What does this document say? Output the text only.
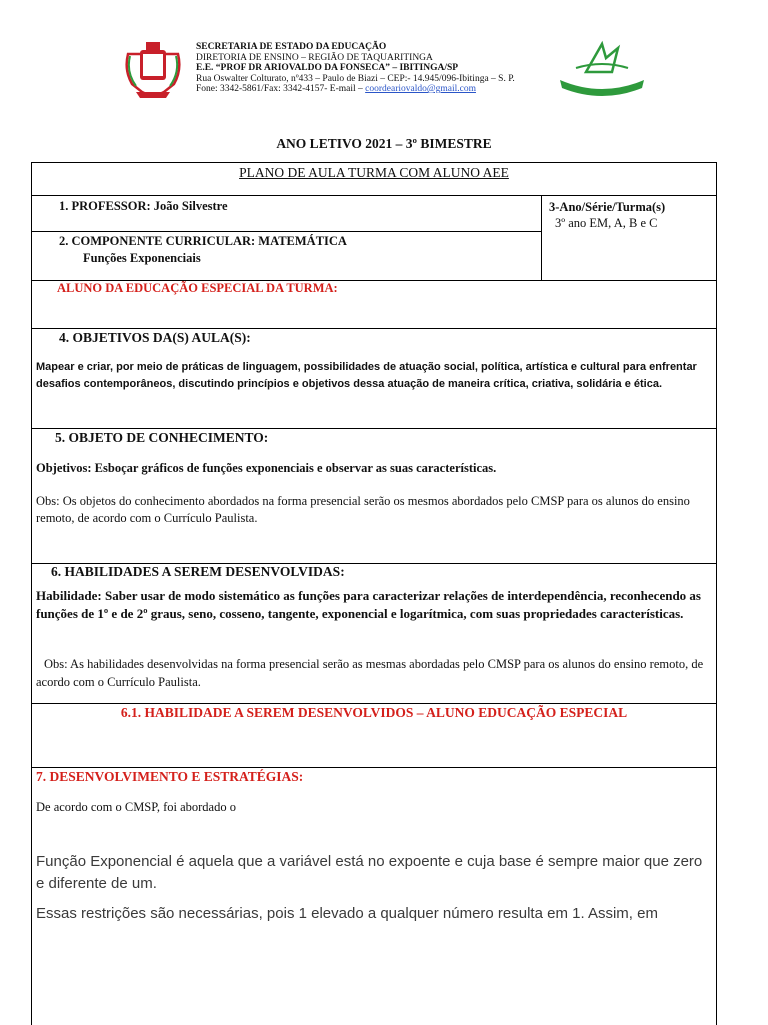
SECRETARIA DE ESTADO DA EDUCAÇÃO
DIRETORIA DE ENSINO – REGIÃO DE TAQUARITINGA
E.E. “PROF DR ARIOVALDO DA FONSECA” – IBITINGA/SP
Rua Oswalter Colturato, nº433 – Paulo de Biazi – CEP:- 14.945/096-Ibitinga – S. P.
Fone: 3342-5861/Fax: 3342-4157- E-mail – coordeariovaldo@gmail.com
ANO LETIVO 2021 – 3º BIMESTRE
PLANO DE AULA TURMA COM ALUNO AEE
1. PROFESSOR: João Silvestre	3-Ano/Série/Turma(s)
3º ano EM, A, B e C
2. COMPONENTE CURRICULAR: MATEMÁTICA
Funções Exponenciais
ALUNO DA EDUCAÇÃO ESPECIAL DA TURMA:
4. OBJETIVOS DA(S) AULA(S):
Mapear e criar, por meio de práticas de linguagem, possibilidades de atuação social, política, artística e cultural para enfrentar desafios contemporâneos, discutindo princípios e objetivos dessa atuação de maneira crítica, criativa, solidária e ética.
5. OBJETO DE CONHECIMENTO:
Objetivos: Esboçar gráficos de funções exponenciais e observar as suas características.
Obs: Os objetos do conhecimento abordados na forma presencial serão os mesmos abordados pelo CMSP para os alunos do ensino remoto, de acordo com o Currículo Paulista.
6. HABILIDADES A SEREM DESENVOLVIDAS:
Habilidade: Saber usar de modo sistemático as funções para caracterizar relações de interdependência, reconhecendo as funções de 1º e de 2º graus, seno, cosseno, tangente, exponencial e logarítmica, com suas propriedades características.
Obs: As habilidades desenvolvidas na forma presencial serão as mesmas abordadas pelo CMSP para os alunos do ensino remoto, de acordo com o Currículo Paulista.
6.1. HABILIDADE A SEREM DESENVOLVIDOS – ALUNO EDUCAÇÃO ESPECIAL
7. DESENVOLVIMENTO E ESTRATÉGIAS:
De acordo com o CMSP, foi abordado o
Função Exponencial é aquela que a variável está no expoente e cuja base é sempre maior que zero e diferente de um.
Essas restrições são necessárias, pois 1 elevado a qualquer número resulta em 1. Assim, em
